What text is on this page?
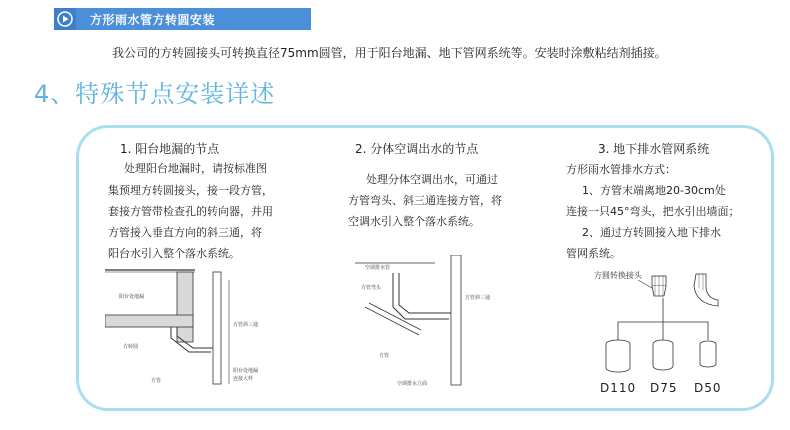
方形雨水管方转圆安装
我公司的方转圆接头可转换直径75mm圆管，用于阳台地漏、地下管网系统等。安装时涂敷粘结剂插接。
4、特殊节点安装详述
1. 阳台地漏的节点
处理阳台地漏时，请按标准图
集预埋方转圆接头，接一段方管，
套接方管带检查孔的转向器，并用
方管接入垂直方向的斜三通，将
阳台水引入整个落水系统。
阳台处地漏
方管斜三通
方转圆
方管
阳台处地漏
连接大样
2. 分体空调出水的节点
处理分体空调出水，可通过
方管弯头、斜三通连接方管，将
空调水引入整个落水系统。
空调排水管
方管弯头
方管斜三通
方管
空调排水立面
3. 地下排水管网系统
方形雨水管排水方式：
1、方管末端离地20-30cm处
连接一只45°弯头，把水引出墙面；
2、通过方转圆接入地下排水
管网系统。
方圆转换接头
D110 D75 D50
